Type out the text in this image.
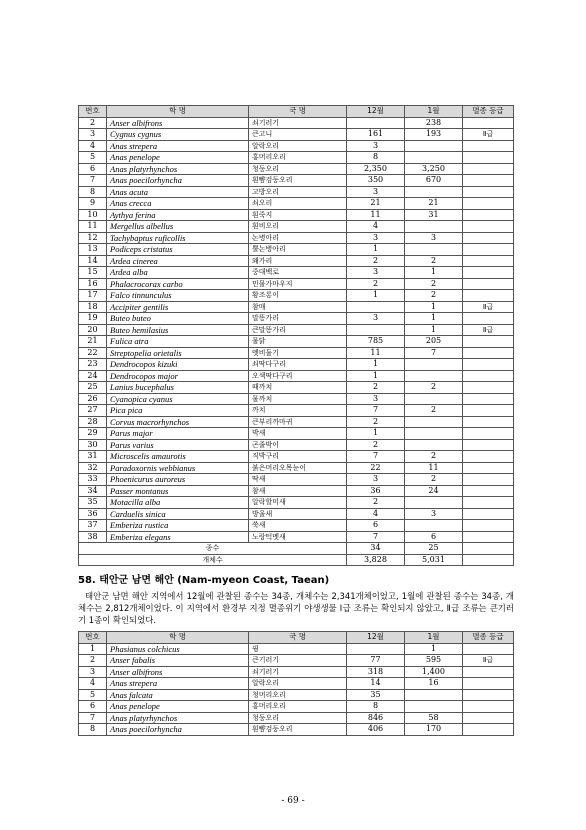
번호	학 명	국 명	12월	1월	멸종 등급
2	Anser albifrons	쇠기러기		238	
3	Cygnus cygnus	큰고니	161	193	Ⅱ급
4	Anas strepera	알락오리	3		
5	Anas penelope	홍머리오리	8		
6	Anas platyrhynchos	청둥오리	2,350	3,250	
7	Anas poecilorhyncha	흰뺨검둥오리	350	670	
8	Anas acuta	고방오리	3		
9	Anas crecca	쇠오리	21	21	
10	Aythya ferina	흰죽지	11	31	
11	Mergellus albellus	흰비오리	4		
12	Tachybaptus ruficollis	논병아리	3	3	
13	Podiceps cristatus	뿔논병아리	1		
14	Ardea cinerea	왜가리	2	2	
15	Ardea alba	중대백로	3	1	
16	Phalacrocorax carbo	민물가마우지	2	2	
17	Falco tinnunculus	황조롱이	1	2	
18	Accipiter gentilis	참매		1	Ⅱ급
19	Buteo buteo	말똥가리	3	1	
20	Buteo hemilasius	큰말똥가리		1	Ⅱ급
21	Fulica atra	물닭	785	205	
22	Streptopelia orietalis	멧비둘기	11	7	
23	Dendrocopos kizuki	쇠딱다구리	1		
24	Dendrocopos major	오색딱다구리	1		
25	Lanius bucephalus	때까치	2	2	
26	Cyanopica cyanus	물까치	3		
27	Pica pica	까치	7	2	
28	Corvus macrorhynchos	큰부리까마귀	2		
29	Parus major	박새	1		
30	Parus varius	곤줄박이	2		
31	Microscelis amaurotis	직박구리	7	2	
32	Paradoxornis webbianus	붉은머리오목눈이	22	11	
33	Phoenicurus auroreus	딱새	3	2	
34	Passer montanus	참새	36	24	
35	Motacilla alba	알락할미새	2		
36	Carduelis sinica	방울새	4	3	
37	Emberiza rustica	쑥새	6		
38	Emberiza elegans	노랑턱멧새	7	6	
종수			34	25	
개체수			3,828	5,031	
58. 태안군 남면 해안 (Nam-myeon Coast, Taean)
태안군 남면 해안 지역에서 12월에 관찰된 종수는 34종, 개체수는 2,341개체이었고, 1월에 관찰된 종수는 34종, 개체수는 2,812개체이었다. 이 지역에서 환경부 지정 멸종위기 야생생물 Ⅰ급 조류는 확인되지 않았고, Ⅱ급 조류는 큰기러기 1종이 확인되었다.
번호	학 명	국 명	12월	1월	멸종 등급
1	Phasianus colchicus	꿩		1	
2	Anser fabalis	큰기러기	77	595	Ⅱ급
3	Anser albifrons	쇠기러기	318	1,400	
4	Anas strepera	알락오리	14	16	
5	Anas falcata	청머리오리	35		
6	Anas penelope	홍머리오리	8		
7	Anas platyrhynchos	청둥오리	846	58	
8	Anas poecilorhyncha	흰뺨검둥오리	406	170	
- 69 -
